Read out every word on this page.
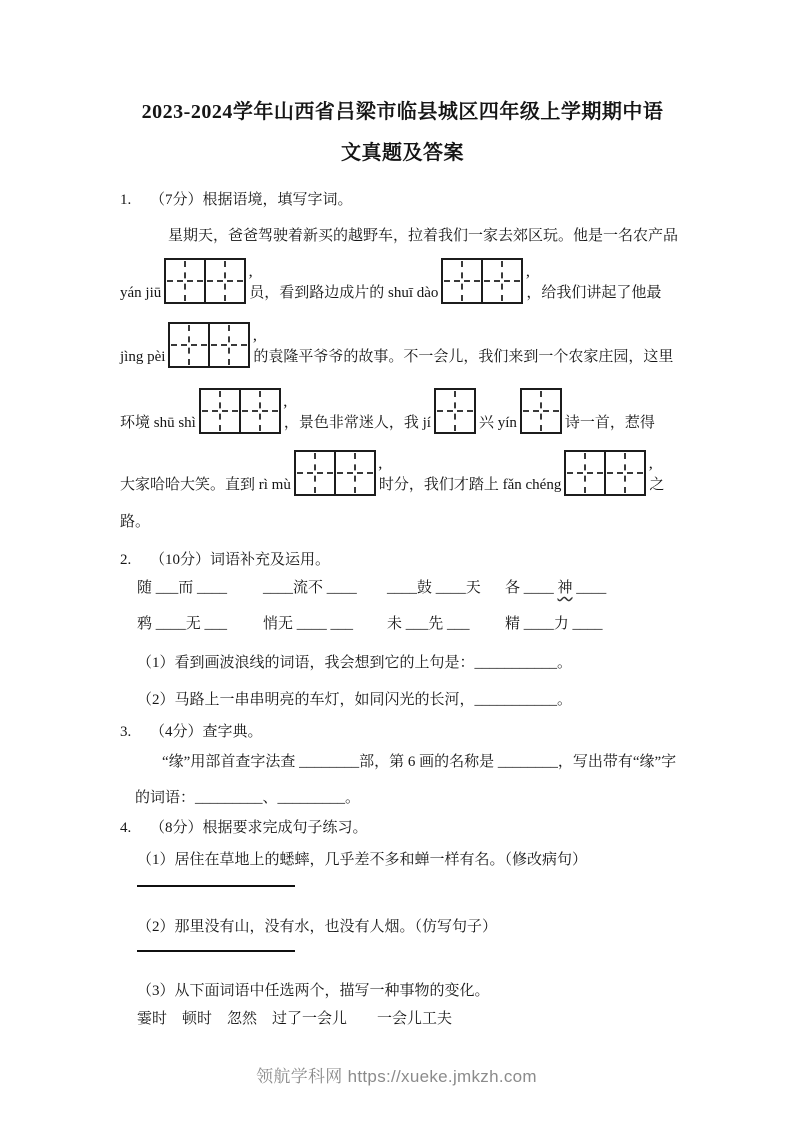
2023-2024学年山西省吕梁市临县城区四年级上学期期中语
文真题及答案
1. （7分）根据语境，填写字词。

星期天，爸爸驾驶着新买的越野车，拉着我们一家去郊区玩。他是一名农产品

yán jiū
’
员，看到路边成片的 shuī dào
’
，给我们讲起了他最
jìng pèi
’
的袁隆平爷爷的故事。不一会儿，我们来到一个农家庄园，这里
环境 shū shì
’
，景色非常迷人，我 jí	兴 yín	诗一首，惹得
大家哈哈大笑。直到 rì mù
’
时分，我们才踏上 fǎn chéng
’
之
路。
2. （10分）词语补充及运用。
随 ___而 ____	____流不 ____	____鼓 ____天	各 ____ 神 ____
鸦 ____无 ___	悄无 ____ ___	未 ___先 ___	精 ____力 ____
（1）看到画波浪线的词语，我会想到它的上句是：___________。
（2）马路上一串串明亮的车灯，如同闪光的长河，___________。
3. （4分）查字典。
“缘”用部首查字法查 ________部，第 6 画的名称是 ________，写出带有“缘”字
的词语：_________、_________。
4. （8分）根据要求完成句子练习。
（1）居住在草地上的蟋蟀，几乎差不多和蝉一样有名。（修改病句）
（2）那里没有山，没有水，也没有人烟。（仿写句子）
（3）从下面词语中任选两个，描写一种事物的变化。
霎时　顿时　忽然　过了一会儿　　一会儿工夫
领航学科网 https://xueke.jmkzh.com
